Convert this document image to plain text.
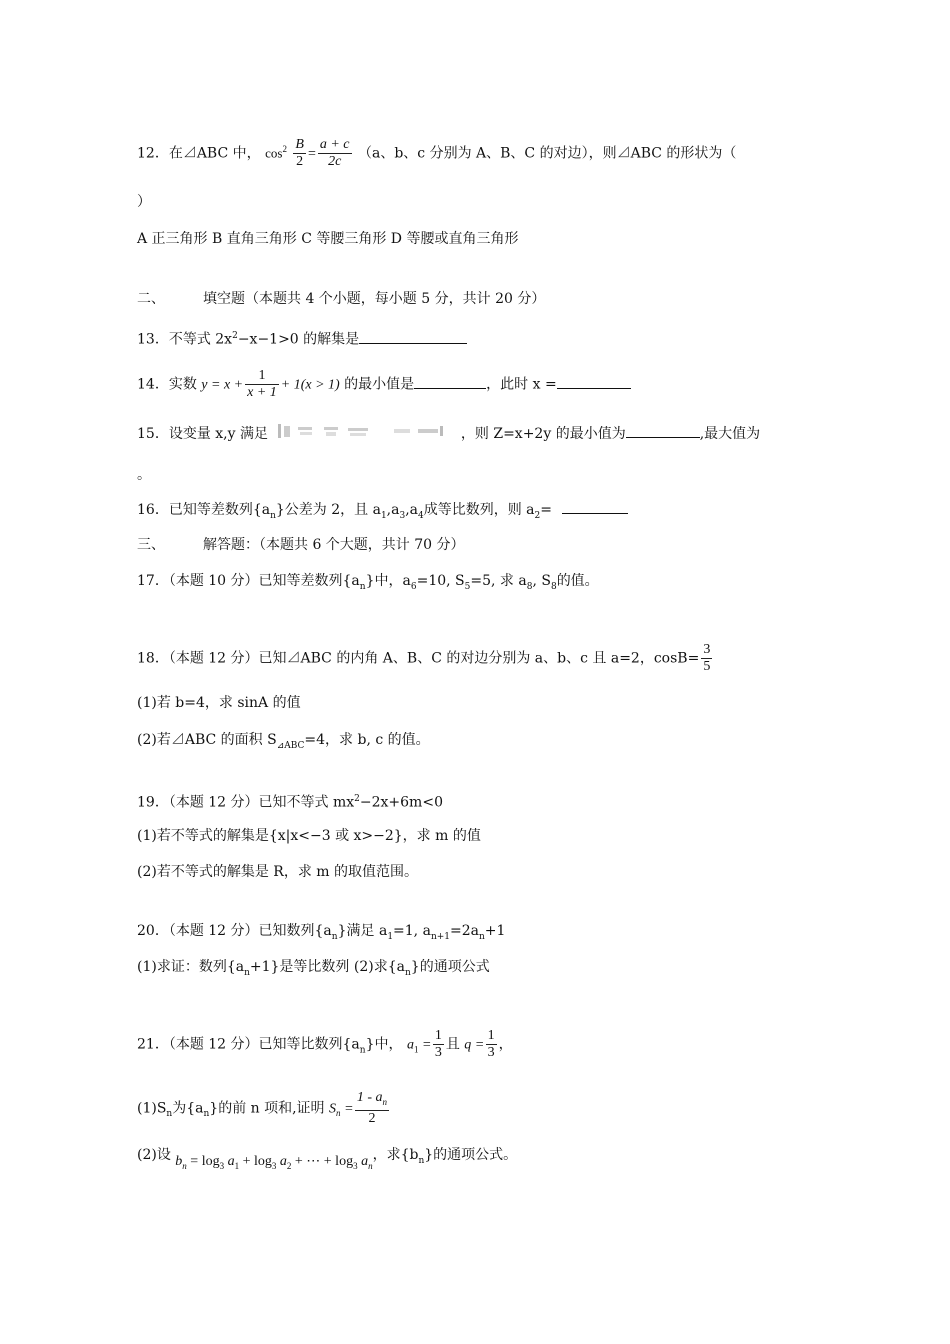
12．在⊿ABC 中， $\cos^2 \frac{B}{2} = \frac{a + c}{2c} (a$、b、c 分别为 A、B、C 的对边），则⊿ABC 的形状为（
）
A 正三角形 B 直角三角形 C 等腰三角形 D 等腰或直角三角形
二、	填空题（本题共 4 个小题，每小题 5 分，共计 20 分）
13．不等式 $2x^2-x-1>0$ 的解集是
14．实数 $y = x + \frac{1}{x + 1} + 1(x > 1)$ 的最小值是	，此时 x =
15．设变量 x,y 满足	，则 Z=x+2y 的最小值为	,最大值为
。
16．已知等差数列$\{a_n\}$公差为 2，且 $a_1,a_3,a_4$成等比数列，则 $a_2=$
三、	解答题：（本题共 6 个大题，共计 70 分）
17．（本题 10 分）已知等差数列$\{a_n\}$中，$a_6=10$, $S_5=5$, 求 $a_8$, $S_8$的值。
18．（本题 12 分）已知⊿ABC 的内角 A、B、C 的对边分别为 a、b、c 且 a=2，$\cos B= \frac{3}{5}$
(1)若 b=4，求 sinA 的值
(2)若⊿ABC 的面积 $S_{⊿ABC}=4$，求 b, c 的值。
19．（本题 12 分）已知不等式 $mx^2-2x+6m<0$
(1)若不等式的解集是{x|x<−3 或 x>−2}，求 m 的值
(2)若不等式的解集是 R，求 m 的取值范围。
20．（本题 12 分）已知数列$\{a_n\}$满足 $a_1=1$, $a_{n+1}=2a_n+1$
(1)求证：数列$\{a_n+1\}$是等比数列 (2)求$\{a_n\}$的通项公式
21．（本题 12 分）已知等比数列$\{a_n\}$中， $a_1 = \frac{1}{3}$ 且 $q = \frac{1}{3}$ ，
$(1)S_n$为$\{a_n\}$的前 n 项和,证明 $S_n = \frac{1 - a_n}{2}$
(2)设 $b_n = \log_3 a_1 + \log_3 a_2$ + ⋯ + $\log_3 a_n$，求$\{b_n\}$的通项公式。
